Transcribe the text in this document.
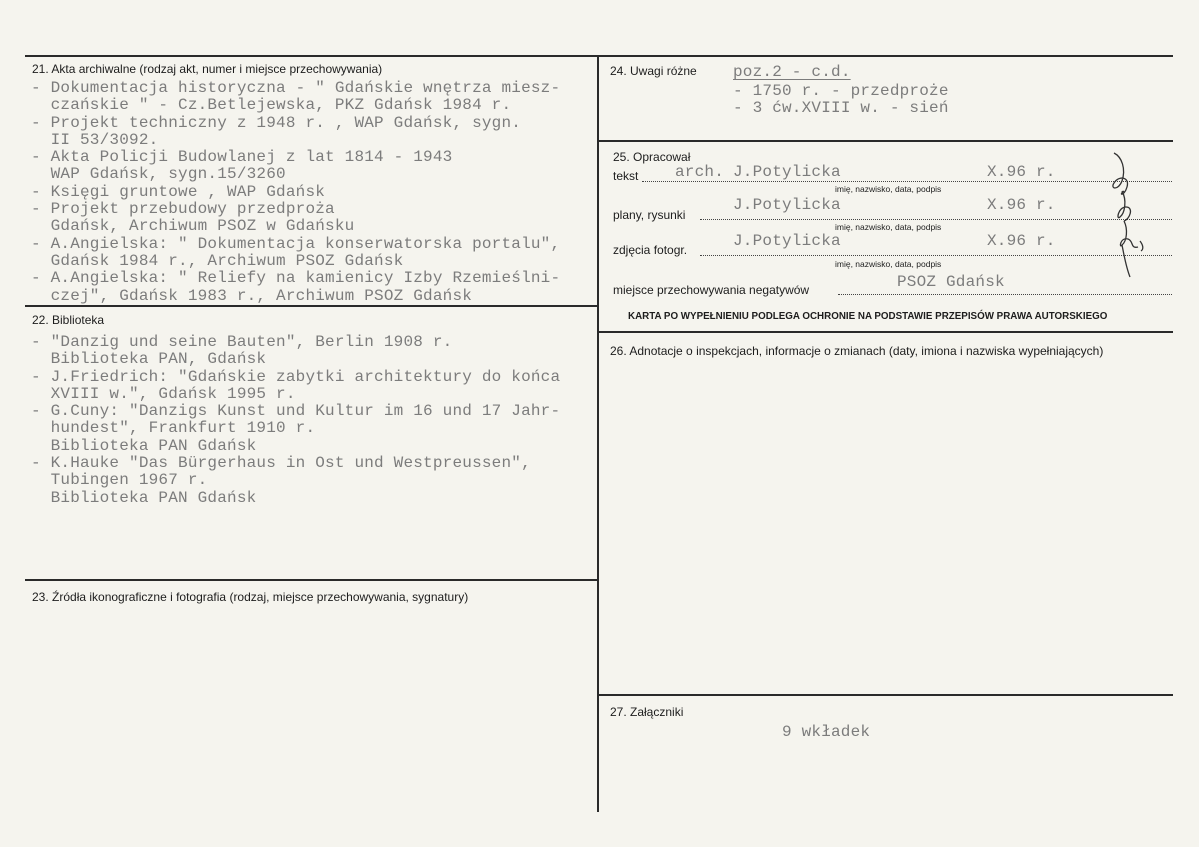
21. Akta archiwalne (rodzaj akt, numer i miejsce przechowywania)
- Dokumentacja historyczna - " Gdańskie wnętrza miesz-
czańskie " - Cz.Betlejewska, PKZ Gdańsk 1984 r.
- Projekt techniczny z 1948 r. , WAP Gdańsk, sygn.
II 53/3092.
- Akta Policji Budowlanej z lat 1814 - 1943
WAP Gdańsk, sygn.15/3260
- Księgi gruntowe , WAP Gdańsk
- Projekt przebudowy przedproża
Gdańsk, Archiwum PSOZ w Gdańsku
- A.Angielska: " Dokumentacja konserwatorska portalu",
Gdańsk 1984 r., Archiwum PSOZ Gdańsk
- A.Angielska: " Reliefy na kamienicy Izby Rzemieślni-
czej", Gdańsk 1983 r., Archiwum PSOZ Gdańsk
22. Biblioteka
- "Danzig und seine Bauten", Berlin 1908 r.
Biblioteka PAN, Gdańsk
- J.Friedrich: "Gdańskie zabytki architektury do końca
XVIII w.", Gdańsk 1995 r.
- G.Cuny: "Danzigs Kunst und Kultur im 16 und 17 Jahr-
hundest", Frankfurt 1910 r.
Biblioteka PAN Gdańsk
- K.Hauke "Das Bürgerhaus in Ost und Westpreussen",
Tubingen 1967 r.
Biblioteka PAN Gdańsk
23. Źródła ikonograficzne i fotografia (rodzaj, miejsce przechowywania, sygnatury)
24. Uwagi różne poz.2 - c.d.
- 1750 r. - przedproże
- 3 ćw.XVIII w. - sień
25. Opracował
tekst arch. J.Potylicka	X.96 r.
imię, nazwisko, data, podpis
plany, rysunki
J.Potylicka	X.96 r.
imię, nazwisko, data, podpis
zdjęcia fotogr.	J.Potylicka	X.96 r.
imię, nazwisko, data, podpis
miejsce przechowywania negatywów	PSOZ Gdańsk
KARTA PO WYPEŁNIENIU PODLEGA OCHRONIE NA PODSTAWIE PRZEPISÓW PRAWA AUTORSKIEGO
26. Adnotacje o inspekcjach, informacje o zmianach (daty, imiona i nazwiska wypełniających)
27. Załączniki
9 wkładek
